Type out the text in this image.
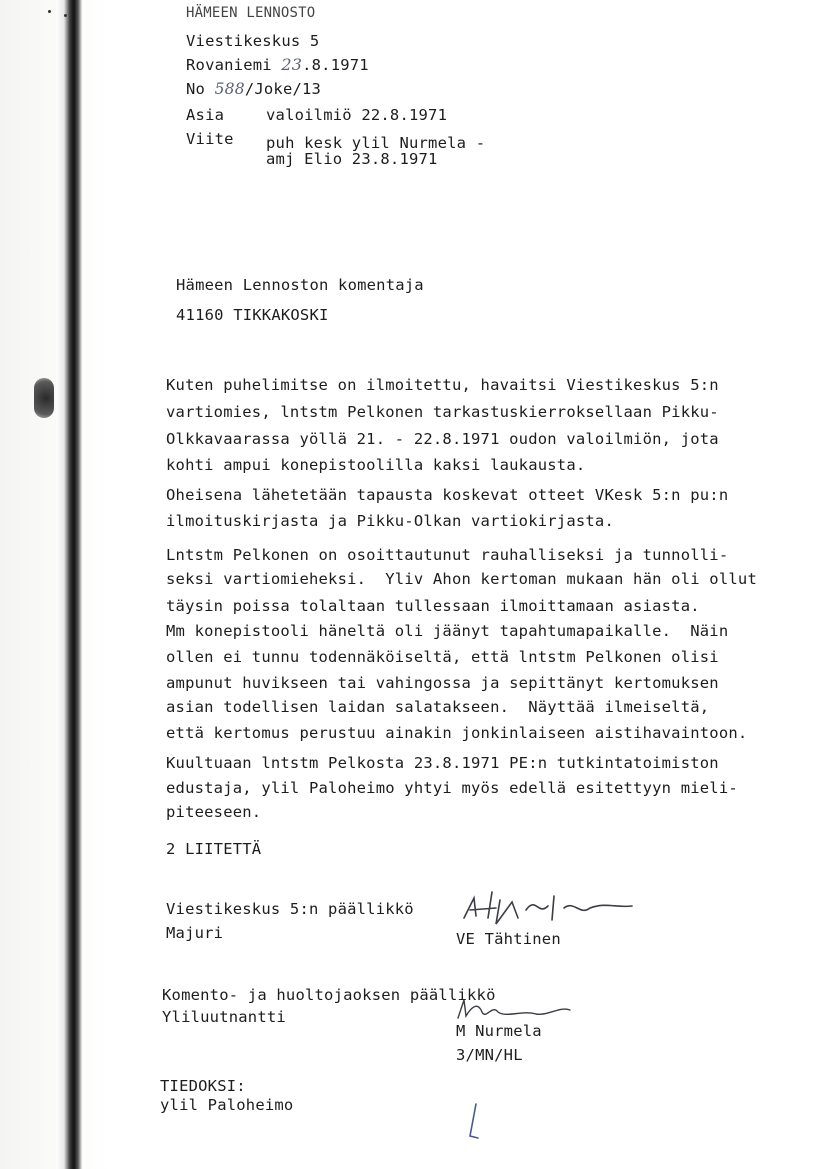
HÄMEEN LENNOSTO
Viestikeskus 5
Rovaniemi 23.8.1971
No 588/Joke/13
Asia	valoilmiö 22.8.1971
Viite puh kesk ylil Nurmela -
amj Elio 23.8.1971
Hämeen Lennoston komentaja
41160 TIKKAKOSKI
Kuten puhelimitse on ilmoitettu, havaitsi Viestikeskus 5:n
vartiomies, lntstm Pelkonen tarkastuskierroksellaan Pikku-
Olkkavaarassa yöllä 21. - 22.8.1971 oudon valoilmiön, jota
kohti ampui konepistoolilla kaksi laukausta.
Oheisena lähetetään tapausta koskevat otteet VKesk 5:n pu:n
ilmoituskirjasta ja Pikku-Olkan vartiokirjasta.
Lntstm Pelkonen on osoittautunut rauhalliseksi ja tunnolli-
seksi vartiomieheksi.  Yliv Ahon kertoman mukaan hän oli ollut
täysin poissa tolaltaan tullessaan ilmoittamaan asiasta.
Mm konepistooli häneltä oli jäänyt tapahtumapaikalle.  Näin
ollen ei tunnu todennäköiseltä, että lntstm Pelkonen olisi
ampunut huvikseen tai vahingossa ja sepittänyt kertomuksen
asian todellisen laidan salatakseen.  Näyttää ilmeiseltä,
että kertomus perustuu ainakin jonkinlaiseen aistihavaintoon.
Kuultuaan lntstm Pelkosta 23.8.1971 PE:n tutkintatoimiston
edustaja, ylil Paloheimo yhtyi myös edellä esitettyyn mieli-
piteeseen.
2 LIITETTÄ
Viestikeskus 5:n päällikkö
Majuri	VE Tähtinen
Komento- ja huoltojaoksen päällikkö
Yliluutnantti
M Nurmela
3/MN/HL
TIEDOKSI:
ylil Paloheimo
